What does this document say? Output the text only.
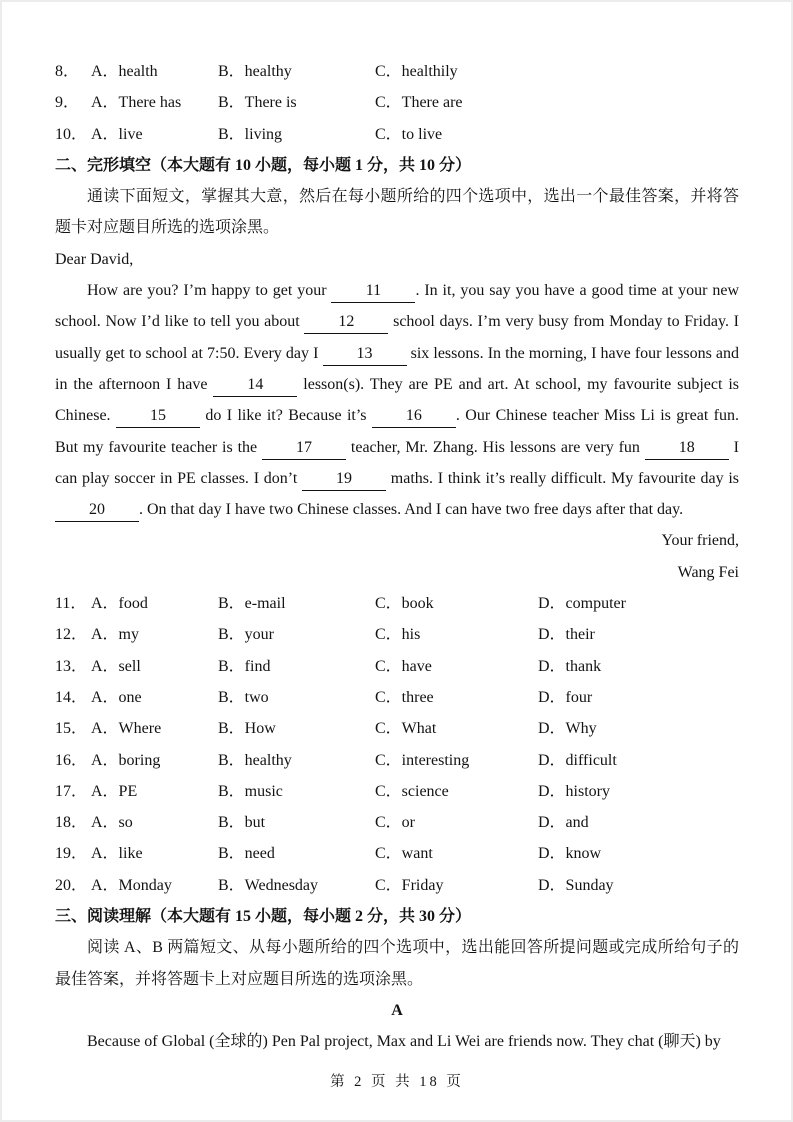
8． A．health	B．healthy	C．healthily
9． A．There has	B．There is	C．There are
10． A．live	B．living	C．to live
二、完形填空（本大题有 10 小题，每小题 1 分，共 10 分）
通读下面短文，掌握其大意，然后在每小题所给的四个选项中，选出一个最佳答案，并将答题卡对应题目所选的选项涂黑。
Dear David,
How are you? I’m happy to get your 11 . In it, you say you have a good time at your new school. Now I’d like to tell you about 12 school days. I’m very busy from Monday to Friday. I usually get to school at 7:50. Every day I 13 six lessons. In the morning, I have four lessons and in the afternoon I have 14 lesson(s). They are PE and art. At school, my favourite subject is Chinese. 15 do I like it? Because it’s 16 . Our Chinese teacher Miss Li is great fun. But my favourite teacher is the 17 teacher, Mr. Zhang. His lessons are very fun 18 I can play soccer in PE classes. I don’t 19 maths. I think it’s really difficult. My favourite day is 20 . On that day I have two Chinese classes. And I can have two free days after that day.
Your friend,
Wang Fei
11． A．food	B．e-mail	C．book	D．computer
12． A．my	B．your	C．his	D．their
13． A．sell	B．find	C．have	D．thank
14． A．one	B．two	C．three	D．four
15． A．Where	B．How	C．What	D．Why
16． A．boring	B．healthy	C．interesting	D．difficult
17． A．PE	B．music	C．science	D．history
18． A．so	B．but	C．or	D．and
19． A．like	B．need	C．want	D．know
20． A．Monday	B．Wednesday	C．Friday	D．Sunday
三、阅读理解（本大题有 15 小题，每小题 2 分，共 30 分）
阅读 A、B 两篇短文、从每小题所给的四个选项中，选出能回答所提问题或完成所给句子的最佳答案，并将答题卡上对应题目所选的选项涂黑。
A
Because of Global (全球的) Pen Pal project, Max and Li Wei are friends now. They chat (聊天) by
第 2 页 共 18 页
